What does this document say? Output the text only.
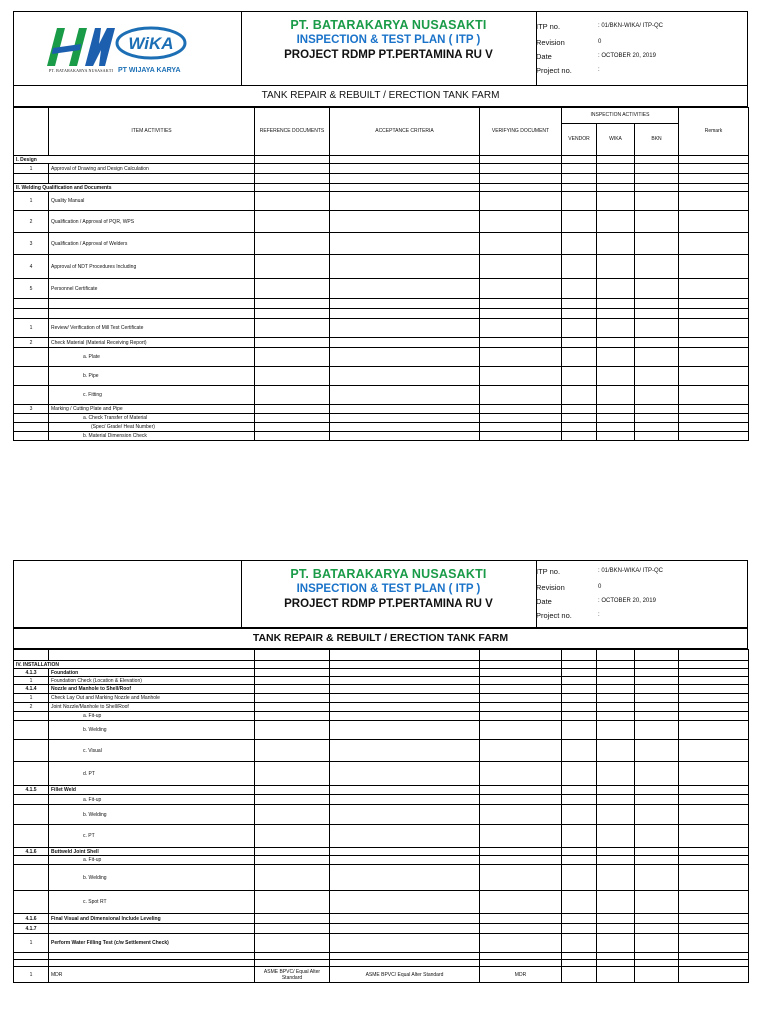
PT. BATARAKARYA NUSASAKTI
WiKA
PT WIJAYA KARYA
PT. BATARAKARYA NUSASAKTI
INSPECTION & TEST PLAN ( ITP )
PROJECT RDMP PT.PERTAMINA RU V
ITP no.	: 01/BKN-WIKA/ ITP-QC
Revision	0
Date	: OCTOBER 20, 2019
Project no.	:
TANK REPAIR & REBUILT / ERECTION TANK FARM
	ITEM ACTIVITIES	REFERENCE DOCUMENTS	ACCEPTANCE CRITERIA	VERIFYING DOCUMENT	INSPECTION ACTIVITIES			Remark
					VENDOR	WIKA	BKN	
I. Design								
1	Approval of Drawing and Design Calculation							

II. Welding Qualification and Documents								
1	Quality Manual							
2	Qualification / Approval of PQR, WPS							
3	Qualification / Approval of Welders							
4	Approval of NDT Procedures Including							
5	Personnel Certificate							

1	Review/ Verification of Mill Test Certificate							
2	Check Material (Material Receiving Report)							
	a. Plate							
	b. Pipe							
	c. Fitting							
3	Marking / Cutting Plate and Pipe							
	a. Check Transfer of Material							
	(Spec/ Grade/ Heat Number)							
	b. Material Dimension Check							
PT. BATARAKARYA NUSASAKTI
INSPECTION & TEST PLAN ( ITP )
PROJECT RDMP PT.PERTAMINA RU V
ITP no.	: 01/BKN-WIKA/ ITP-QC
Revision	0
Date	: OCTOBER 20, 2019
Project no.	:
TANK REPAIR & REBUILT / ERECTION TANK FARM

IV. INSTALLATION								
4.1.3	Foundation							
1	Foundation Check (Location & Elevation)							
4.1.4	Nozzle and Manhole to Shell/Roof							
1	Check Lay Out and Marking Nozzle and Manhole							
2	Joint Nozzle/Manhole to Shell/Roof							
	a. Fit-up							
	b. Welding							
	c. Visual							
	d. PT							
4.1.5	Fillet Weld							
	a. Fit-up							
	b. Welding							
	c. PT							
4.1.6	Buttweld Joint Shell							
	a. Fit-up							
	b. Welding							
	c. Spot RT							
4.1.6	Final Visual and Dimensional Include Leveling							
4.1.7								
1	Perform Water Filling Test (c/w Settlement Check)							

1	MDR	ASME BPVC/ Equal Alter Standard	ASME BPVC/ Equal Alter Standard	MDR				
